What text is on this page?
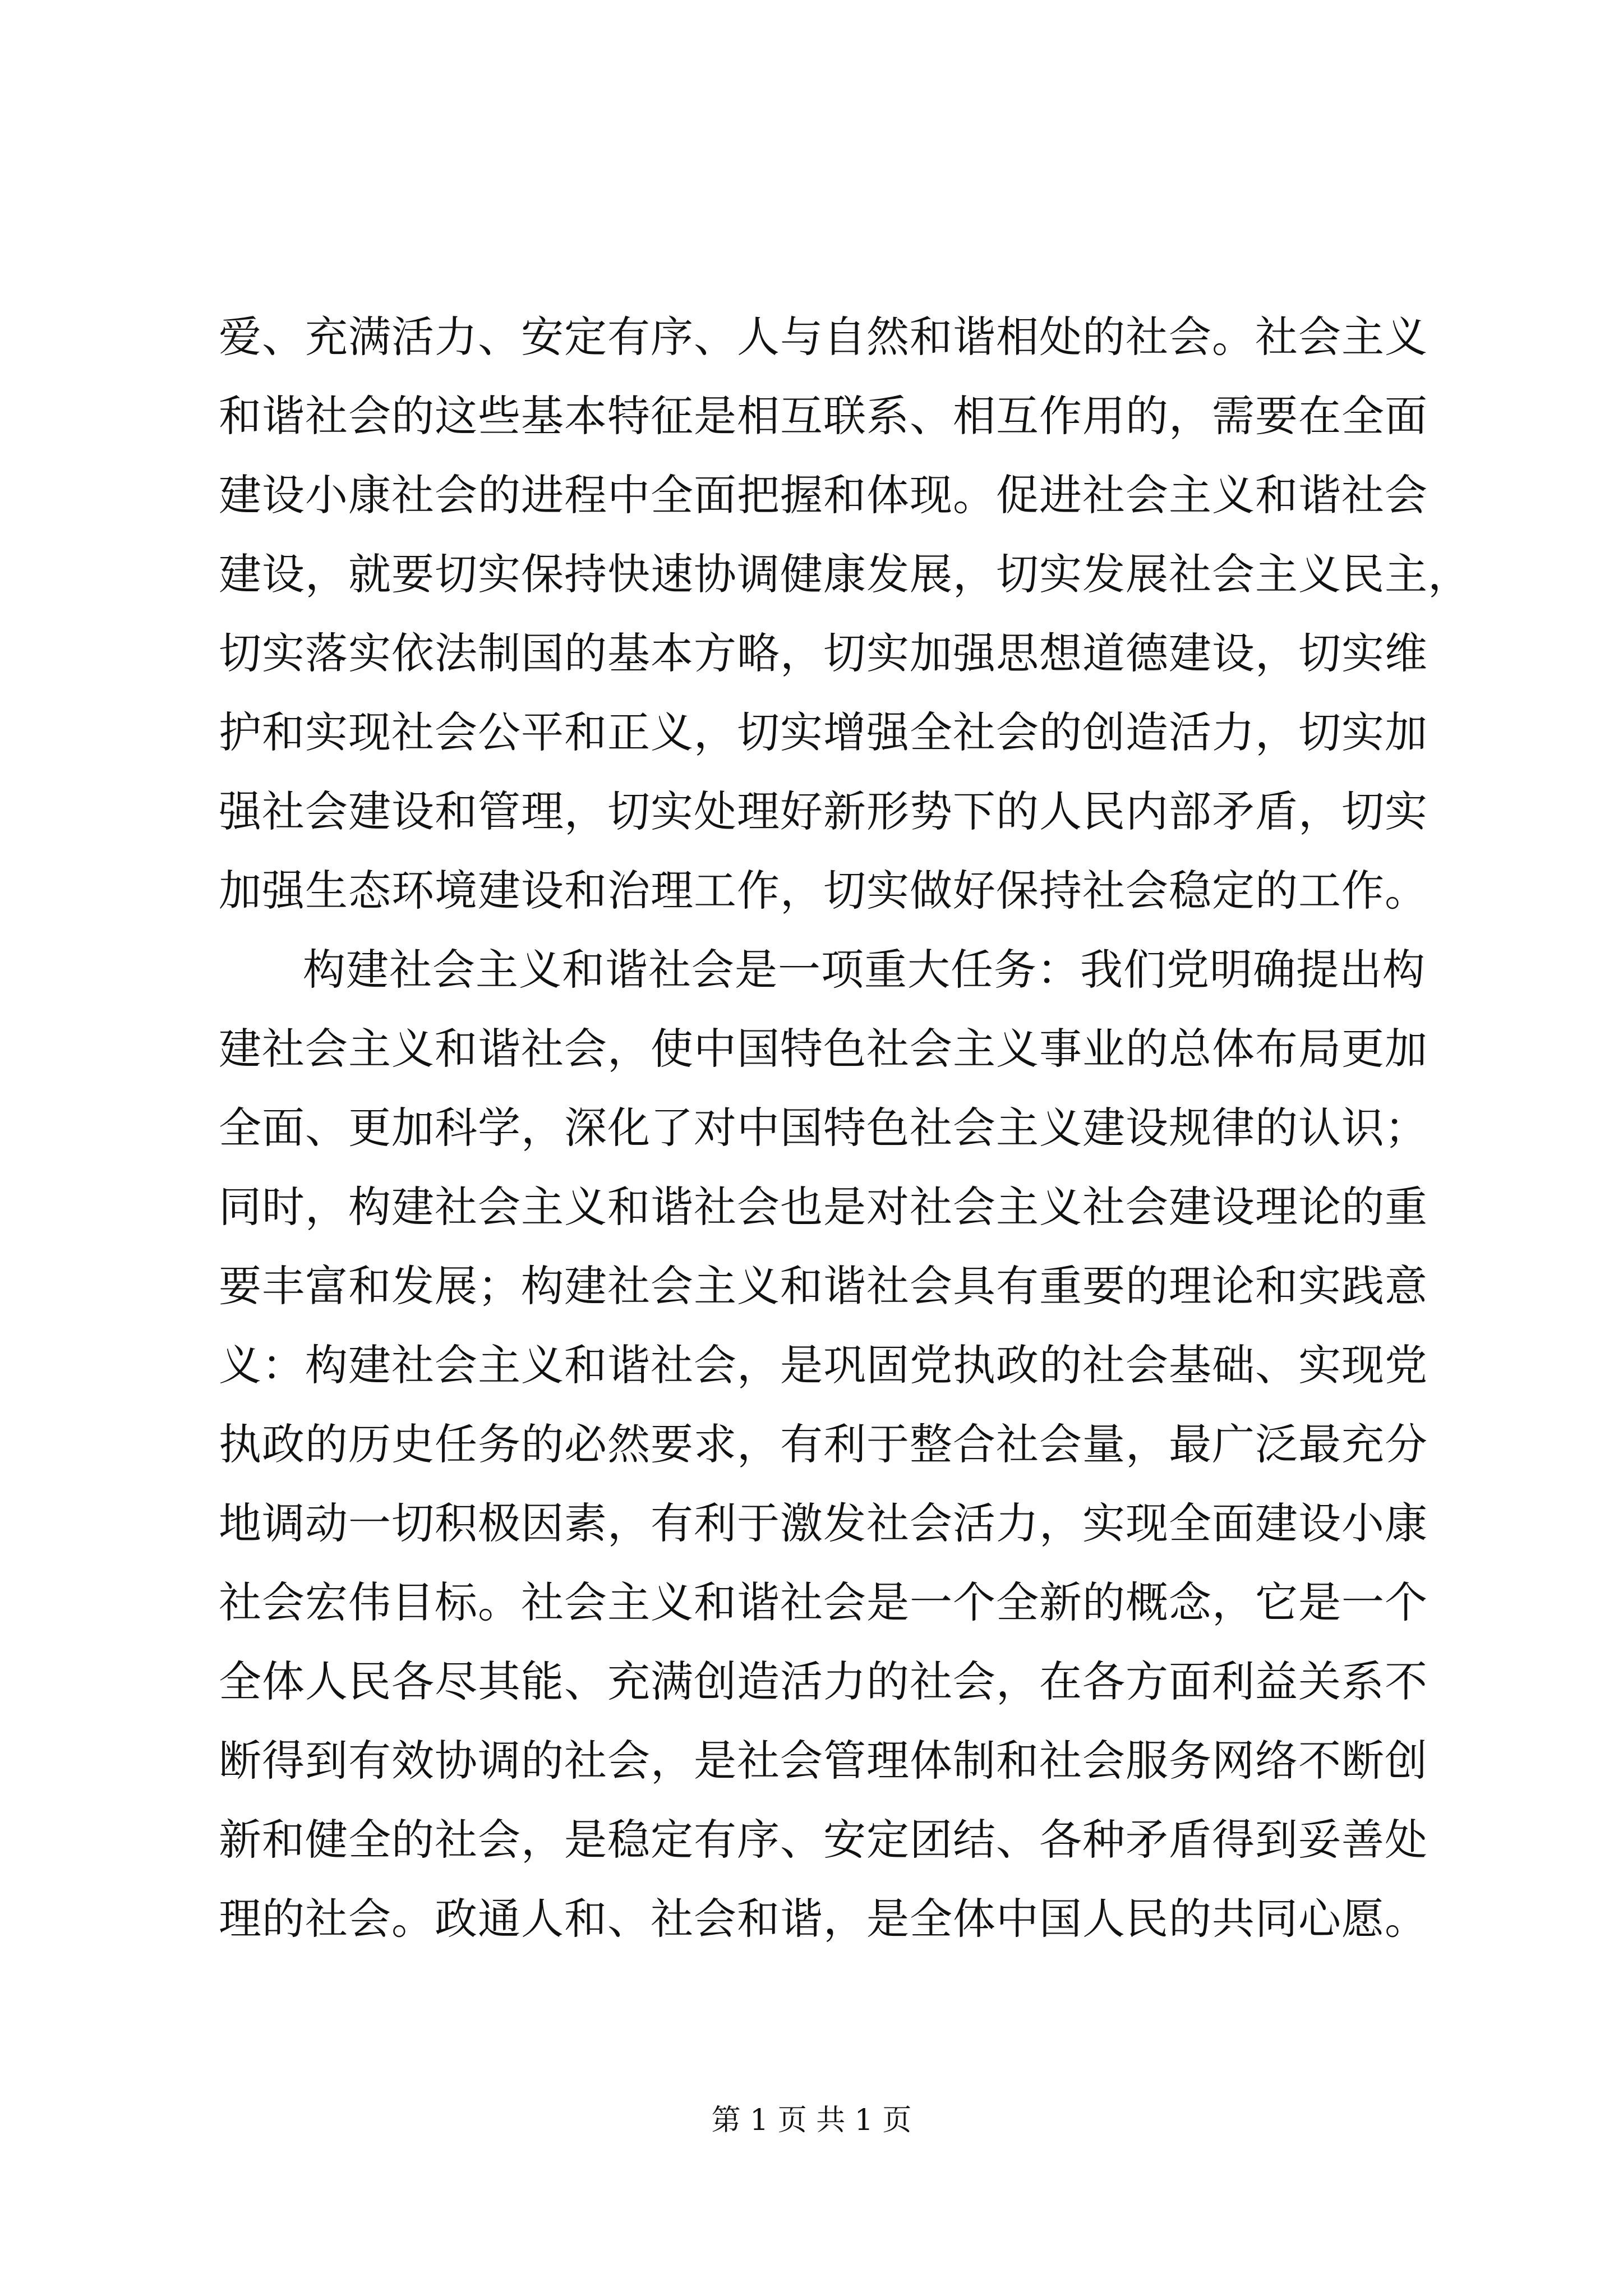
爱、充满活力、安定有序、人与自然和谐相处的社会。社会主义
和谐社会的这些基本特征是相互联系、相互作用的，需要在全面
建设小康社会的进程中全面把握和体现。促进社会主义和谐社会
建设，就要切实保持快速协调健康发展，切实发展社会主义民主，
切实落实依法制国的基本方略，切实加强思想道德建设，切实维
护和实现社会公平和正义，切实增强全社会的创造活力，切实加
强社会建设和管理，切实处理好新形势下的人民内部矛盾，切实
加强生态环境建设和治理工作，切实做好保持社会稳定的工作。
构建社会主义和谐社会是一项重大任务：我们党明确提出构
建社会主义和谐社会，使中国特色社会主义事业的总体布局更加
全面、更加科学，深化了对中国特色社会主义建设规律的认识；
同时，构建社会主义和谐社会也是对社会主义社会建设理论的重
要丰富和发展；构建社会主义和谐社会具有重要的理论和实践意
义：构建社会主义和谐社会，是巩固党执政的社会基础、实现党
执政的历史任务的必然要求，有利于整合社会量，最广泛最充分
地调动一切积极因素，有利于激发社会活力，实现全面建设小康
社会宏伟目标。社会主义和谐社会是一个全新的概念，它是一个
全体人民各尽其能、充满创造活力的社会，在各方面利益关系不
断得到有效协调的社会，是社会管理体制和社会服务网络不断创
新和健全的社会，是稳定有序、安定团结、各种矛盾得到妥善处
理的社会。政通人和、社会和谐，是全体中国人民的共同心愿。
第 1 页 共 1 页
